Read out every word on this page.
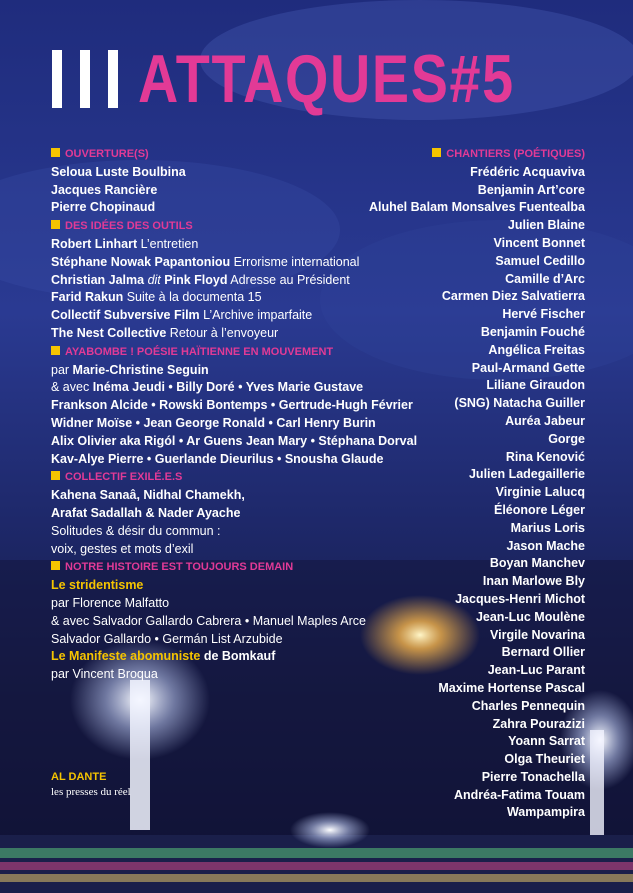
ATTAQUES#5
OUVERTURE(S)
Seloua Luste Boulbina
Jacques Rancière
Pierre Chopinaud
DES IDÉES DES OUTILS
Robert Linhart L’entretien
Stéphane Nowak Papantoniou Errorisme international
Christian Jalma dit Pink Floyd Adresse au Président
Farid Rakun Suite à la documenta 15
Collectif Subversive Film L’Archive imparfaite
The Nest Collective Retour à l’envoyeur
AYABOMBE ! POÉSIE HAÏTIENNE EN MOUVEMENT
par Marie-Christine Seguin
& avec Inéma Jeudi • Billy Doré • Yves Marie Gustave
Frankson Alcide • Rowski Bontemps • Gertrude-Hugh Février
Widner Moïse • Jean George Ronald • Carl Henry Burin
Alix Olivier aka Rigól • Ar Guens Jean Mary • Stéphana Dorval
Kav-Alye Pierre • Guerlande Dieurilus • Snousha Glaude
COLLECTIF EXILÉ.E.S
Kahena Sanaâ, Nidhal Chamekh,
Arafat Sadallah & Nader Ayache
Solitudes & désir du commun :
voix, gestes et mots d’exil
NOTRE HISTOIRE EST TOUJOURS DEMAIN
Le stridentisme
par Florence Malfatto
& avec Salvador Gallardo Cabrera • Manuel Maples Arce
Salvador Gallardo • Germán List Arzubide
Le Manifeste abomuniste de Bomkauf
par Vincent Broqua
CHANTIERS (POÉTIQUES)
Frédéric Acquaviva
Benjamin Art’core
Aluhel Balam Monsalves Fuentealba
Julien Blaine
Vincent Bonnet
Samuel Cedillo
Camille d’Arc
Carmen Diez Salvatierra
Hervé Fischer
Benjamin Fouché
Angélica Freitas
Paul-Armand Gette
Liliane Giraudon
(SNG) Natacha Guiller
Auréa Jabeur
Gorge
Rina Kenović
Julien Ladegaillerie
Virginie Lalucq
Éléonore Léger
Marius Loris
Jason Mache
Boyan Manchev
Inan Marlowe Bly
Jacques-Henri Michot
Jean-Luc Moulène
Virgile Novarina
Bernard Ollier
Jean-Luc Parant
Maxime Hortense Pascal
Charles Pennequin
Zahra Pourazizi
Yoann Sarrat
Olga Theuriet
Pierre Tonachella
Andréa-Fatima Touam
Wampampira
AL DANTE
les presses du réel
